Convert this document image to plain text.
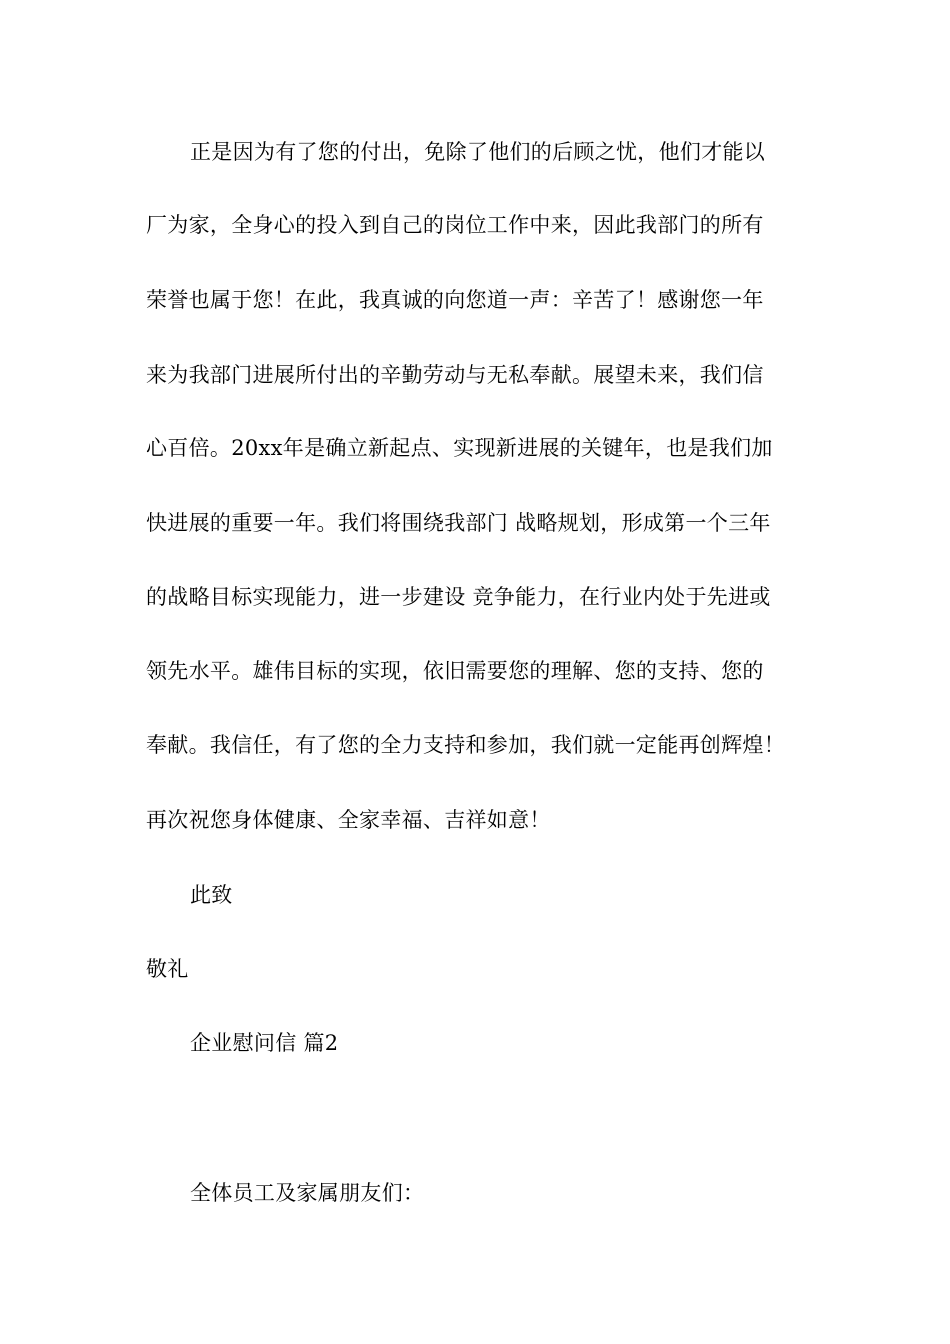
正是因为有了您的付出，免除了他们的后顾之忧，他们才能以
厂为家，全身心的投入到自己的岗位工作中来，因此我部门的所有
荣誉也属于您！在此，我真诚的向您道一声：辛苦了！感谢您一年
来为我部门进展所付出的辛勤劳动与无私奉献。展望未来，我们信
心百倍。20xx年是确立新起点、实现新进展的关键年，也是我们加
快进展的重要一年。我们将围绕我部门 战略规划，形成第一个三年
的战略目标实现能力，进一步建设 竞争能力，在行业内处于先进或
领先水平。雄伟目标的实现，依旧需要您的理解、您的支持、您的
奉献。我信任，有了您的全力支持和参加，我们就一定能再创辉煌！
再次祝您身体健康、全家幸福、吉祥如意！
此致
敬礼
企业慰问信 篇2
全体员工及家属朋友们：
